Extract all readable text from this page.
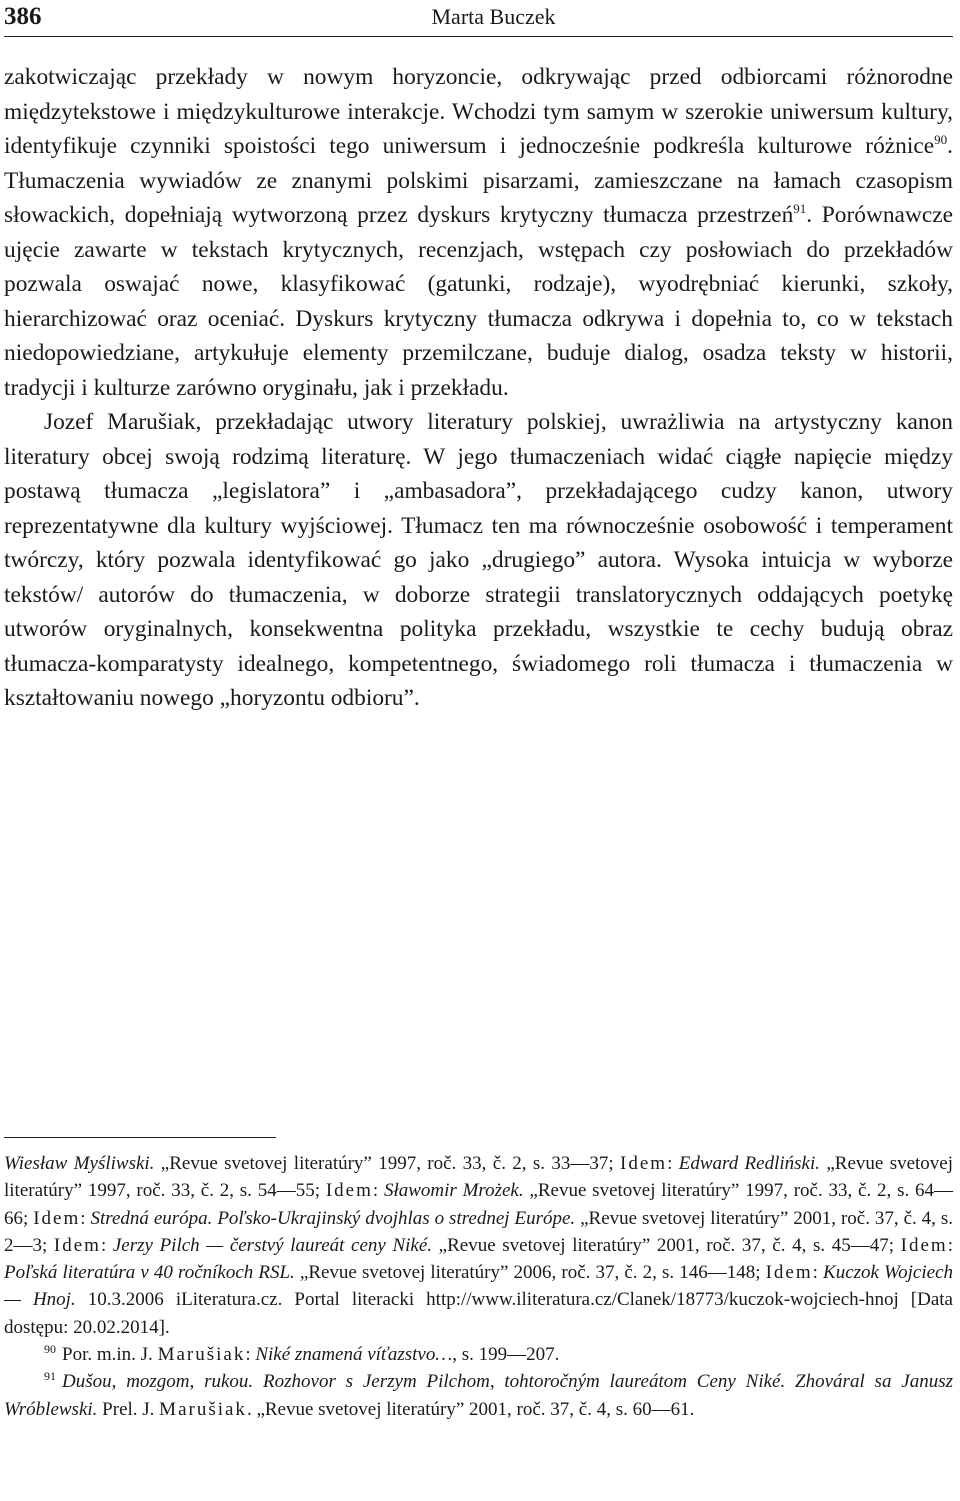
386	Marta Buczek

zakotwiczając przekłady w nowym horyzoncie, odkrywając przed odbiorcami różnorodne międzytekstowe i międzykulturowe interakcje. Wchodzi tym samym w szerokie uniwersum kultury, identyfikuje czynniki spoistości tego uniwersum i jednocześnie podkreśla kulturowe różnice$^{90}$. Tłumaczenia wywiadów ze znanymi polskimi pisarzami, zamieszczane na łamach czasopism słowackich, dopełniają wytworzoną przez dyskurs krytyczny tłumacza przestrzeń$^{91}$. Porównawcze ujęcie zawarte w tekstach krytycznych, recenzjach, wstępach czy posłowiach do przekładów pozwala oswajać nowe, klasyfikować (gatunki, rodzaje), wyodrębniać kierunki, szkoły, hierarchizować oraz oceniać. Dyskurs krytyczny tłumacza odkrywa i dopełnia to, co w tekstach niedopowiedziane, artykułuje elementy przemilczane, buduje dialog, osadza teksty w historii, tradycji i kulturze zarówno oryginału, jak i przekładu.

Jozef Marušiak, przekładając utwory literatury polskiej, uwrażliwia na artystyczny kanon literatury obcej swoją rodzimą literaturę. W jego tłumaczeniach widać ciągłe napięcie między postawą tłumacza „legislatora” i „ambasadora”, przekładającego cudzy kanon, utwory reprezentatywne dla kultury wyjściowej. Tłumacz ten ma równocześnie osobowość i temperament twórczy, który pozwala identyfikować go jako „drugiego” autora. Wysoka intuicja w wyborze tekstów/ autorów do tłumaczenia, w doborze strategii translatorycznych oddających poetykę utworów oryginalnych, konsekwentna polityka przekładu, wszystkie te cechy budują obraz tłumacza-komparatysty idealnego, kompetentnego, świadomego roli tłumacza i tłumaczenia w kształtowaniu nowego „horyzontu odbioru”.

Wiesław Myśliwski. „Revue svetovej literatúry” 1997, roč. 33, č. 2, s. 33—37; Idem: Edward Redliński. „Revue svetovej literatúry” 1997, roč. 33, č. 2, s. 54—55; Idem: Sławomir Mrożek. „Revue svetovej literatúry” 1997, roč. 33, č. 2, s. 64—66; Idem: Stredná európa. Poľsko-Ukrajinský dvojhlas o strednej Európe. „Revue svetovej literatúry” 2001, roč. 37, č. 4, s. 2—3; Idem: Jerzy Pilch — čerstvý laureát ceny Niké. „Revue svetovej literatúry” 2001, roč. 37, č. 4, s. 45—47; Idem: Poľská literatúra v 40 ročníkoch RSL. „Revue svetovej literatúry” 2006, roč. 37, č. 2, s. 146—148; Idem: Kuczok Wojciech — Hnoj. 10.3.2006 iLiteratura.cz. Portal literacki http://www.iliteratura.cz/Clanek/18773/kuczok-wojciech-hnoj [Data dostępu: 20.02.2014].

$^{90}$ Por. m.in. J. Marušiak: Niké znamená víťazstvo…, s. 199—207.

$^{91}$ Dušou, mozgom, rukou. Rozhovor s Jerzym Pilchom, tohtoročným laureátom Ceny Niké. Zhováral sa Janusz Wróblewski. Prel. J. Marušiak. „Revue svetovej literatúry” 2001, roč. 37, č. 4, s. 60—61.
